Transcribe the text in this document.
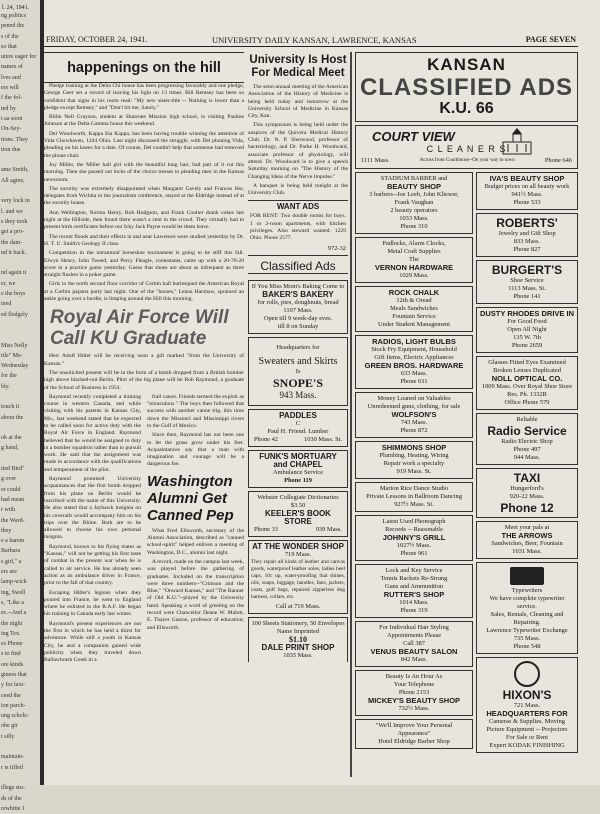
l. 24, 1941.
ng politics
pened the
s of the
so that
uture eager for
names of
lves and
ers will
f the fol-
ted by
t aa soon
On-Sey-
tions. They
tion due

ame Smith,
All agree,

very lock in
l. and we
s they took
get a pro-
the dam-
nd it back.

nd again it
er, we
e the boys
ined
ed fledgely

Miss Nelly
itle" Me-
Wednesday
for the
bly.

touch it
about the

ok at the
g hand,

ited Bird"
g over
er could
had mean
r with
the Ward-
they
e a harem
Barbara
s girl," a
ers are
lamp-wick
ing, Swell
s, "Like a
ec.--And a
the night
ing Tex.
es Phone
s to find
ore kinds
ginees that
y for laxi-
ceed the
ion parch-
ung scholz-
obe gir
t silly

maintain-
r is tiffed

illege stu-
ds of the
rewhitte 1
FRIDAY, OCTOBER 24, 1941.	UNIVERSITY DAILY KANSAN, LAWRENCE, KANSAS	PAGE SEVEN
happenings on the hill

Pledge training at the Delta Chi house has been progressing favorably and one pledge, George Geer set a record of leaving his light on 13 times. Bill Remsey has been so confident that signs in his room read: "My new sister-title -- Nothing is lower than a pledge except Remsey," and "Don't hit me, Satoly."

Billie Nell Grayson, student at Shawnee Mission high school, is visiting Pauline Johnson at the Delta Gamma house this weekend.

Del Woodworth, Kappa Eta Kappa, has been having trouble winning the attention of Vida Chowhaven, 1244 Ohio. Last night discussed the struggle, with Del phoning Vida, pleading on his knees for a date. Of course, Del couldn't help that someone had removed the phone chair.

Joy Miller, the Miller hall girl with the beautiful long hair, had part of it cut this morning. Then she passed out locks of the choice tresses to pleading men in the Kansas newsroom.

The sorority was extremely disappointed when Margaret Cavely and Frances Hsr, delegates from Wichita to the journalism conference, stayed at the Eldridge instead of at the sorority house.

Ann Wellington, Norma Henry, Bob Hodgson, and Frank Coulter drank cokes last night at the Hillside, then found there wasn't a cent in the crowd. They virtually had to present birth certificates before our Icky Jack Payne would let them leave.

The recent floods and their effects in and near Lawrence were studied yesterday by Dr. H. T. U. Smith's Geology II class.

Competition in the intramural horseshoe tournament is going to be stiff this fall. Elwyn Henry, John Tweed, and Percy Fleagle, contestants, came up with a 20-70-20 score in a practice game yesterday. Guess that shoes are about as infrequent as three straight flushes in a poker game.

Girls in the north second floor corridor of Corbin hall burlesqued the American Royal at a Corbin pajama party last night. One of the "horses," Lenna Harshaw, sprained an ankle going over a hurdle, is limping around the Hill this morning.

Royal Air Force Will Call KU Graduate

Herr Adolf Hitler will be receiving soon a gift marked "from the University of Kansas."

The unsolicited present will be in the form of a bomb dropped from a British bomber high above blacked-out Berlin. Pilot of the big plane will be Bob Raymond, a graduate of the School of Business in 1954.

Raymond recently completed a training course in western Canada, and while visiting with his parents in Kansas City, Mo., last weekend stated that he expected to be called soon for active duty with the Royal Air Force in England. Raymond believed that he would be assigned to duty in a bomber squadron rather than to pursuit work. He said that the assignment was made in accordance with the qualifications and temperament of the pilot.

Raymond promised University acquaintances that the first bomb dropped from his plane on Berlin would be inscribed with the name of this University. He also stated that a Jayhawk insignia on his coveralls would accompany him on his trips over the Rhine. Both are to be allowed to choose his own personal insignia.

Raymond, known to his flying mates as "Kansas," will not be getting his first taste of combat in the present war when he is called to air service. He has already seen action as an ambulance driver in France, prior to the fall of that country.

Escaping Hitler's legions when they poured into France, he went to England where he enlisted in the R.A.F. He began his training in Canada early last winter.

Raymond's present experiences are not the first in which he has held a thirst for adventure. While still a youth in Kansas City, he and a companion gained wide publicity when they traveled down Ballawbrush Creek in a

frail canoe. Friends termed the exploit as "miraculous." The boys then followed that success with another canoe trip, this time down the Missouri and Mississippi rivers to the Gulf of Mexico.

Since then, Raymond has not been one to let the grass grow under his feet. Acquaintances say that a man with imagination and courage will be a dangerous foe.

Washington Alumni Get Canned Pep

What Fred Ellsworth, secretary of the Alumni Association, described as "canned school-spirit" helped enliven a meeting of Washington, D.C., alumni last night.

A record, made on the campus last week, was played before the gathering of graduates. Included on the transcription were three numbers--"Crimson and the Blue," "Onward Kansas," and "The Banner of Old K.U."--played by the University band. Speaking a word of greeting on the record were Chancellor Deane W. Malott, E. Thayer Gaston, professor of education; and Ellsworth.

University Is Host For Medical Meet

The semi-annual meeting of the American Association of the History of Medicine is being held today and tomorrow at the University School of Medicine in Kansas City, Kan.

This symposium is being held under the auspices of the Quivera Medical History Club. Dr. N. P. Sherwood, professor of bacteriology, and Dr. Parke H. Woodward, associate professor of physiology, will attend. Dr. Woodward is to give a speech Saturday morning on "The History of the Changing Ideas of the Nerve Impulse."

A banquet is being held tonight at the University Club.

WANT ADS

FOR RENT: Two double rooms for boys. 1 or 2-room apartments, with kitchen privileges. Also steward wanted. 1229 Ohio. Phone 2577.

972-32
Classified Ads
If You Miss Mom's Baking Come to
BAKER'S BAKERY
for rolls, pies, doughnuts, bread
1107 Mass.
Open till 9 week-day eves.
till 8 on Sunday
Headquarters for
Sweaters and Skirts
Is
SNOPE'S
943 Mass.
PADDLES
C
Paul H. Friend. Lumber
Phone 42	1030 Mass. St.
FUNK'S MORTUARY
and CHAPEL
Ambulance Service
Phone 119
Webster Collegiate Dictionaries
$3.50
KEELER'S BOOK STORE
Phone 33	939 Mass.
AT THE WONDER SHOP
719 Mass.

They repair all kinds of leather and canvas goods, waterproof leather soles, ladies heel caps, 10c up, water-proofing that shines, oils, soaps, luggage, handles, fans, jackets, coats, golf bags, repaired zipperless dog harness, collars, etc.

Call at 719 Mass.
100 Sheets Stationery, 50 Envelopes
Name Imprinted
$1.10
DALE PRINT SHOP
1035 Mass.
KANSAN
CLASSIFIED ADS
K.U. 66
COURT VIEW
C L E A N E R S
1111 Mass.	Across from Courthouse--On your way to town	Phone 646
STADIUM BARBER and
BEAUTY SHOP
3 barbers--Joe Leeb, John Kliewer,
Frank Vaughan
2 beauty operators
1033 Mass.
Phone 310
Padlocks, Alarm Clocks,
Metal Craft Supplies
The
VERNON HARDWARE
1029 Mass.
ROCK CHALK
12th & Oread
Meals Sandwiches
Fountain Service
Under Student Management
RADIOS, LIGHT BULBS
Stock Fry Equipment, Household
Gift Items, Electric Appliances
GREEN BROS. HARDWARE
633 Mass.
Phone 631
Money Loaned on Valuables
Unredeemed guns, clothing, for sale
WOLFSON'S
743 Mass.
Phone 872
SHIMMONS SHOP
Plumbing, Heating, Wiring
Repair work a specialty
919 Mass. St.
Marion Rice Dance Studio
Private Lessons in Ballroom Dancing
927½ Mass. St.
Latest Used Phonograph
Records -- Reasonable
JOHNNY'S GRILL
1027½ Mass.
Phone 961
Lock and Key Service
Tennis Rackets Re-Strung
Guns and Ammunition
RUTTER'S SHOP
1014 Mass.
Phone 319
For Individual Hair Styling
Appointments Please
Call 387
VENUS BEAUTY SALON
842 Mass.
Beauty Is An Hour As
Your Telephone
Phone 2153
MICKEY'S BEAUTY SHOP
732½ Mass.
"We'll Improve Your Personal
Appearance"
Hotel Eldridge Barber Shop
IVA'S BEAUTY SHOP
Budget prices on all beauty work
941½ Mass.
Phone 533
ROBERTS'
Jewelry and Gift Shop
833 Mass.
Phone 827
BURGERT'S
Shoe Service
1113 Mass. St.
Phone 141
DUSTY RHODES DRIVE IN
For Good Food
Open All Night
135 W. 7th
Phone 2659
Glasses Fitted Eyes Examined
Broken Lenses Duplicated
NOLL OPTICAL CO.
1009 Mass. Over Royal Shoe Store
Res. Ph. 1332R
Office Phone 579
Reliable
Radio Service
Radio Electric Shop
Phone 497
944 Mass.
TAXI
Hungerford's
920-22 Mass.
Phone 12
Meet your pals at
THE ARROWS
Sandwiches, Beer, Fountain
1031 Mass.
Typewriters
We have complete typewriter service.
Sales, Rentals, Cleaning and Repairing.
Lawrence Typewriter Exchange
735 Mass.
Phone 548
HIXON'S
721 Mass.
HEADQUARTERS FOR
Cameras & Supplies. Moving
Picture Equipment -- Projectors
For Sale or Rent
Expert KODAK FINISHING
